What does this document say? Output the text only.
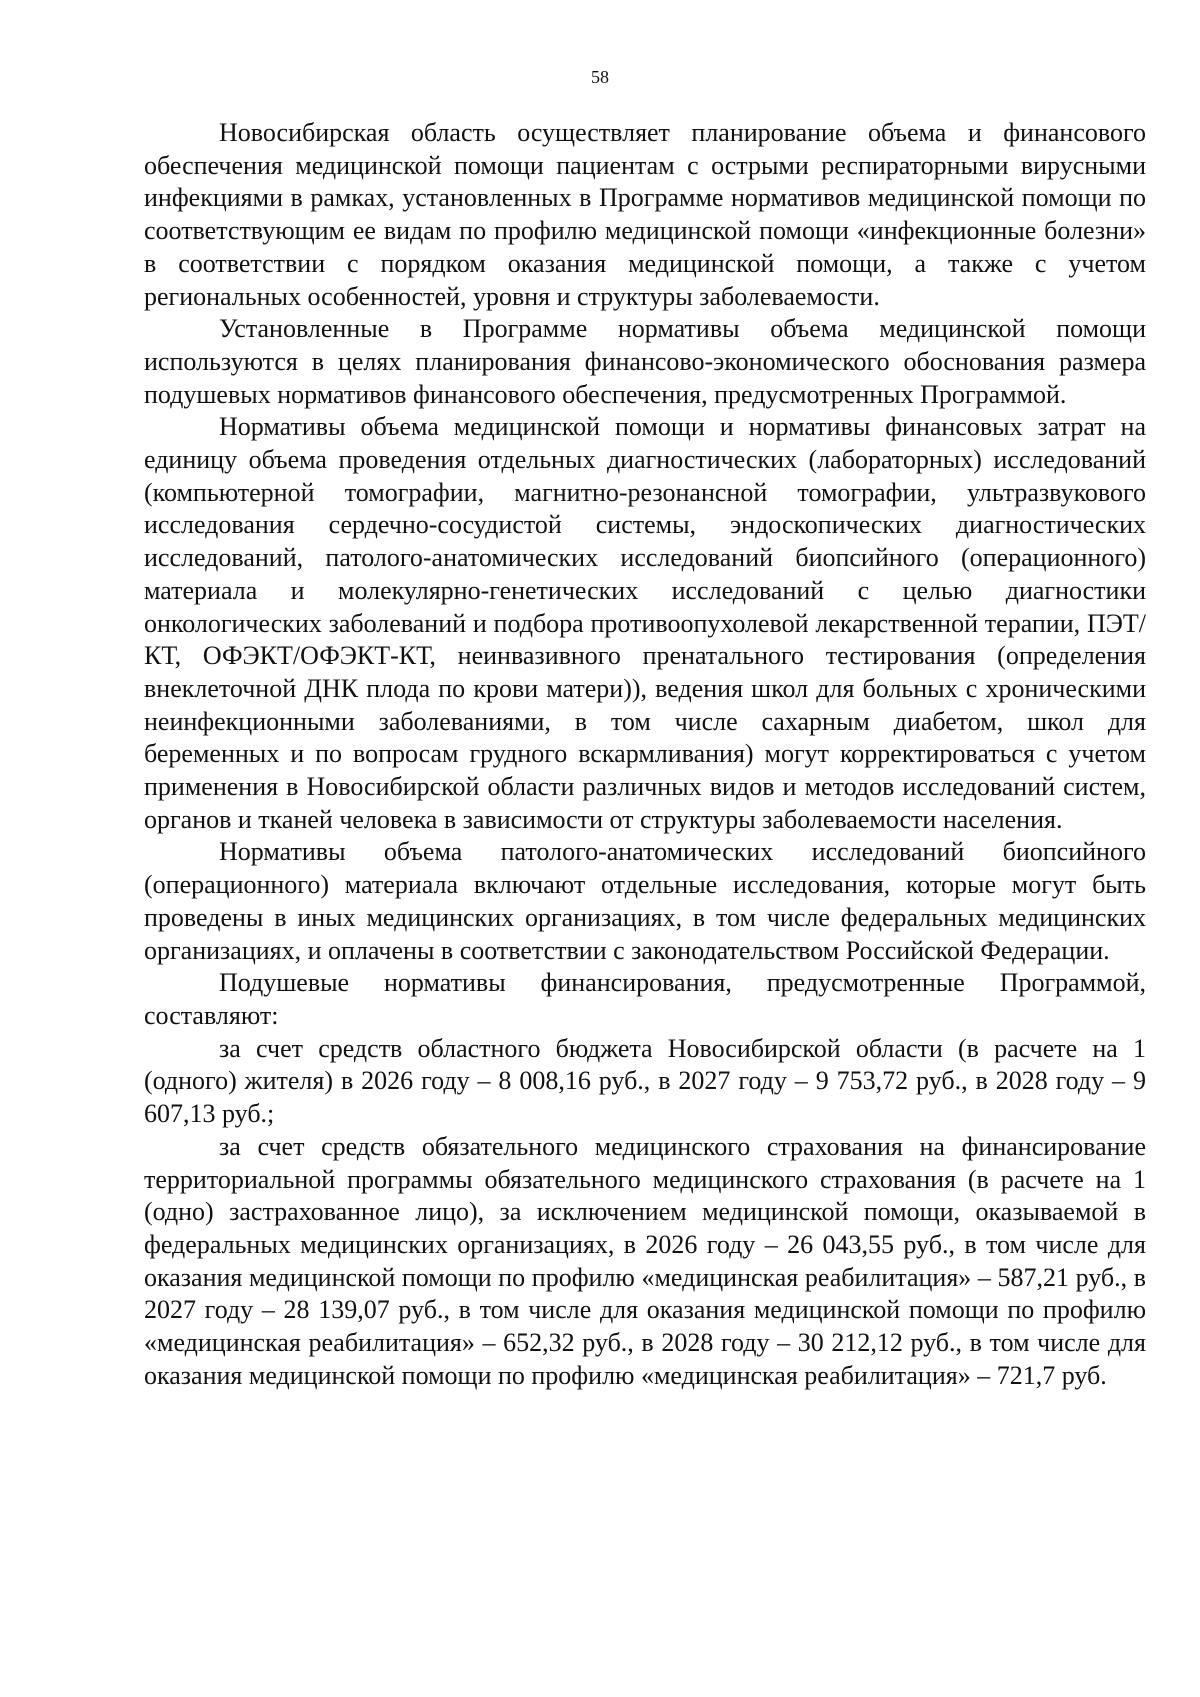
58

Новосибирская область осуществляет планирование объема и финансового обеспечения медицинской помощи пациентам с острыми респираторными вирусными инфекциями в рамках, установленных в Программе нормативов медицинской помощи по соответствующим ее видам по профилю медицинской помощи «инфекционные болезни» в соответствии с порядком оказания медицинской помощи, а также с учетом региональных особенностей, уровня и структуры заболеваемости.

Установленные в Программе нормативы объема медицинской помощи используются в целях планирования финансово-экономического обоснования размера подушевых нормативов финансового обеспечения, предусмотренных Программой.

Нормативы объема медицинской помощи и нормативы финансовых затрат на единицу объема проведения отдельных диагностических (лабораторных) исследований (компьютерной томографии, магнитно-резонансной томографии, ультразвукового исследования сердечно-сосудистой системы, эндоскопических диагностических исследований, патолого-анатомических исследований биопсийного (операционного) материала и молекулярно-генетических исследований с целью диагностики онкологических заболеваний и подбора противоопухолевой лекарственной терапии, ПЭТ/КТ, ОФЭКТ/ОФЭКТ-КТ, неинвазивного пренатального тестирования (определения внеклеточной ДНК плода по крови матери)), ведения школ для больных с хроническими неинфекционными заболеваниями, в том числе сахарным диабетом, школ для беременных и по вопросам грудного вскармливания) могут корректироваться с учетом применения в Новосибирской области различных видов и методов исследований систем, органов и тканей человека в зависимости от структуры заболеваемости населения.

Нормативы объема патолого-анатомических исследований биопсийного (операционного) материала включают отдельные исследования, которые могут быть проведены в иных медицинских организациях, в том числе федеральных медицинских организациях, и оплачены в соответствии с законодательством Российской Федерации.

Подушевые нормативы финансирования, предусмотренные Программой, составляют:

за счет средств областного бюджета Новосибирской области (в расчете на 1 (одного) жителя) в 2026 году – 8 008,16 руб., в 2027 году – 9 753,72 руб., в 2028 году – 9 607,13 руб.;

за счет средств обязательного медицинского страхования на финансирование территориальной программы обязательного медицинского страхования (в расчете на 1 (одно) застрахованное лицо), за исключением медицинской помощи, оказываемой в федеральных медицинских организациях, в 2026 году – 26 043,55 руб., в том числе для оказания медицинской помощи по профилю «медицинская реабилитация» – 587,21 руб., в 2027 году – 28 139,07 руб., в том числе для оказания медицинской помощи по профилю «медицинская реабилитация» – 652,32 руб., в 2028 году – 30 212,12 руб., в том числе для оказания медицинской помощи по профилю «медицинская реабилитация» – 721,7 руб.
